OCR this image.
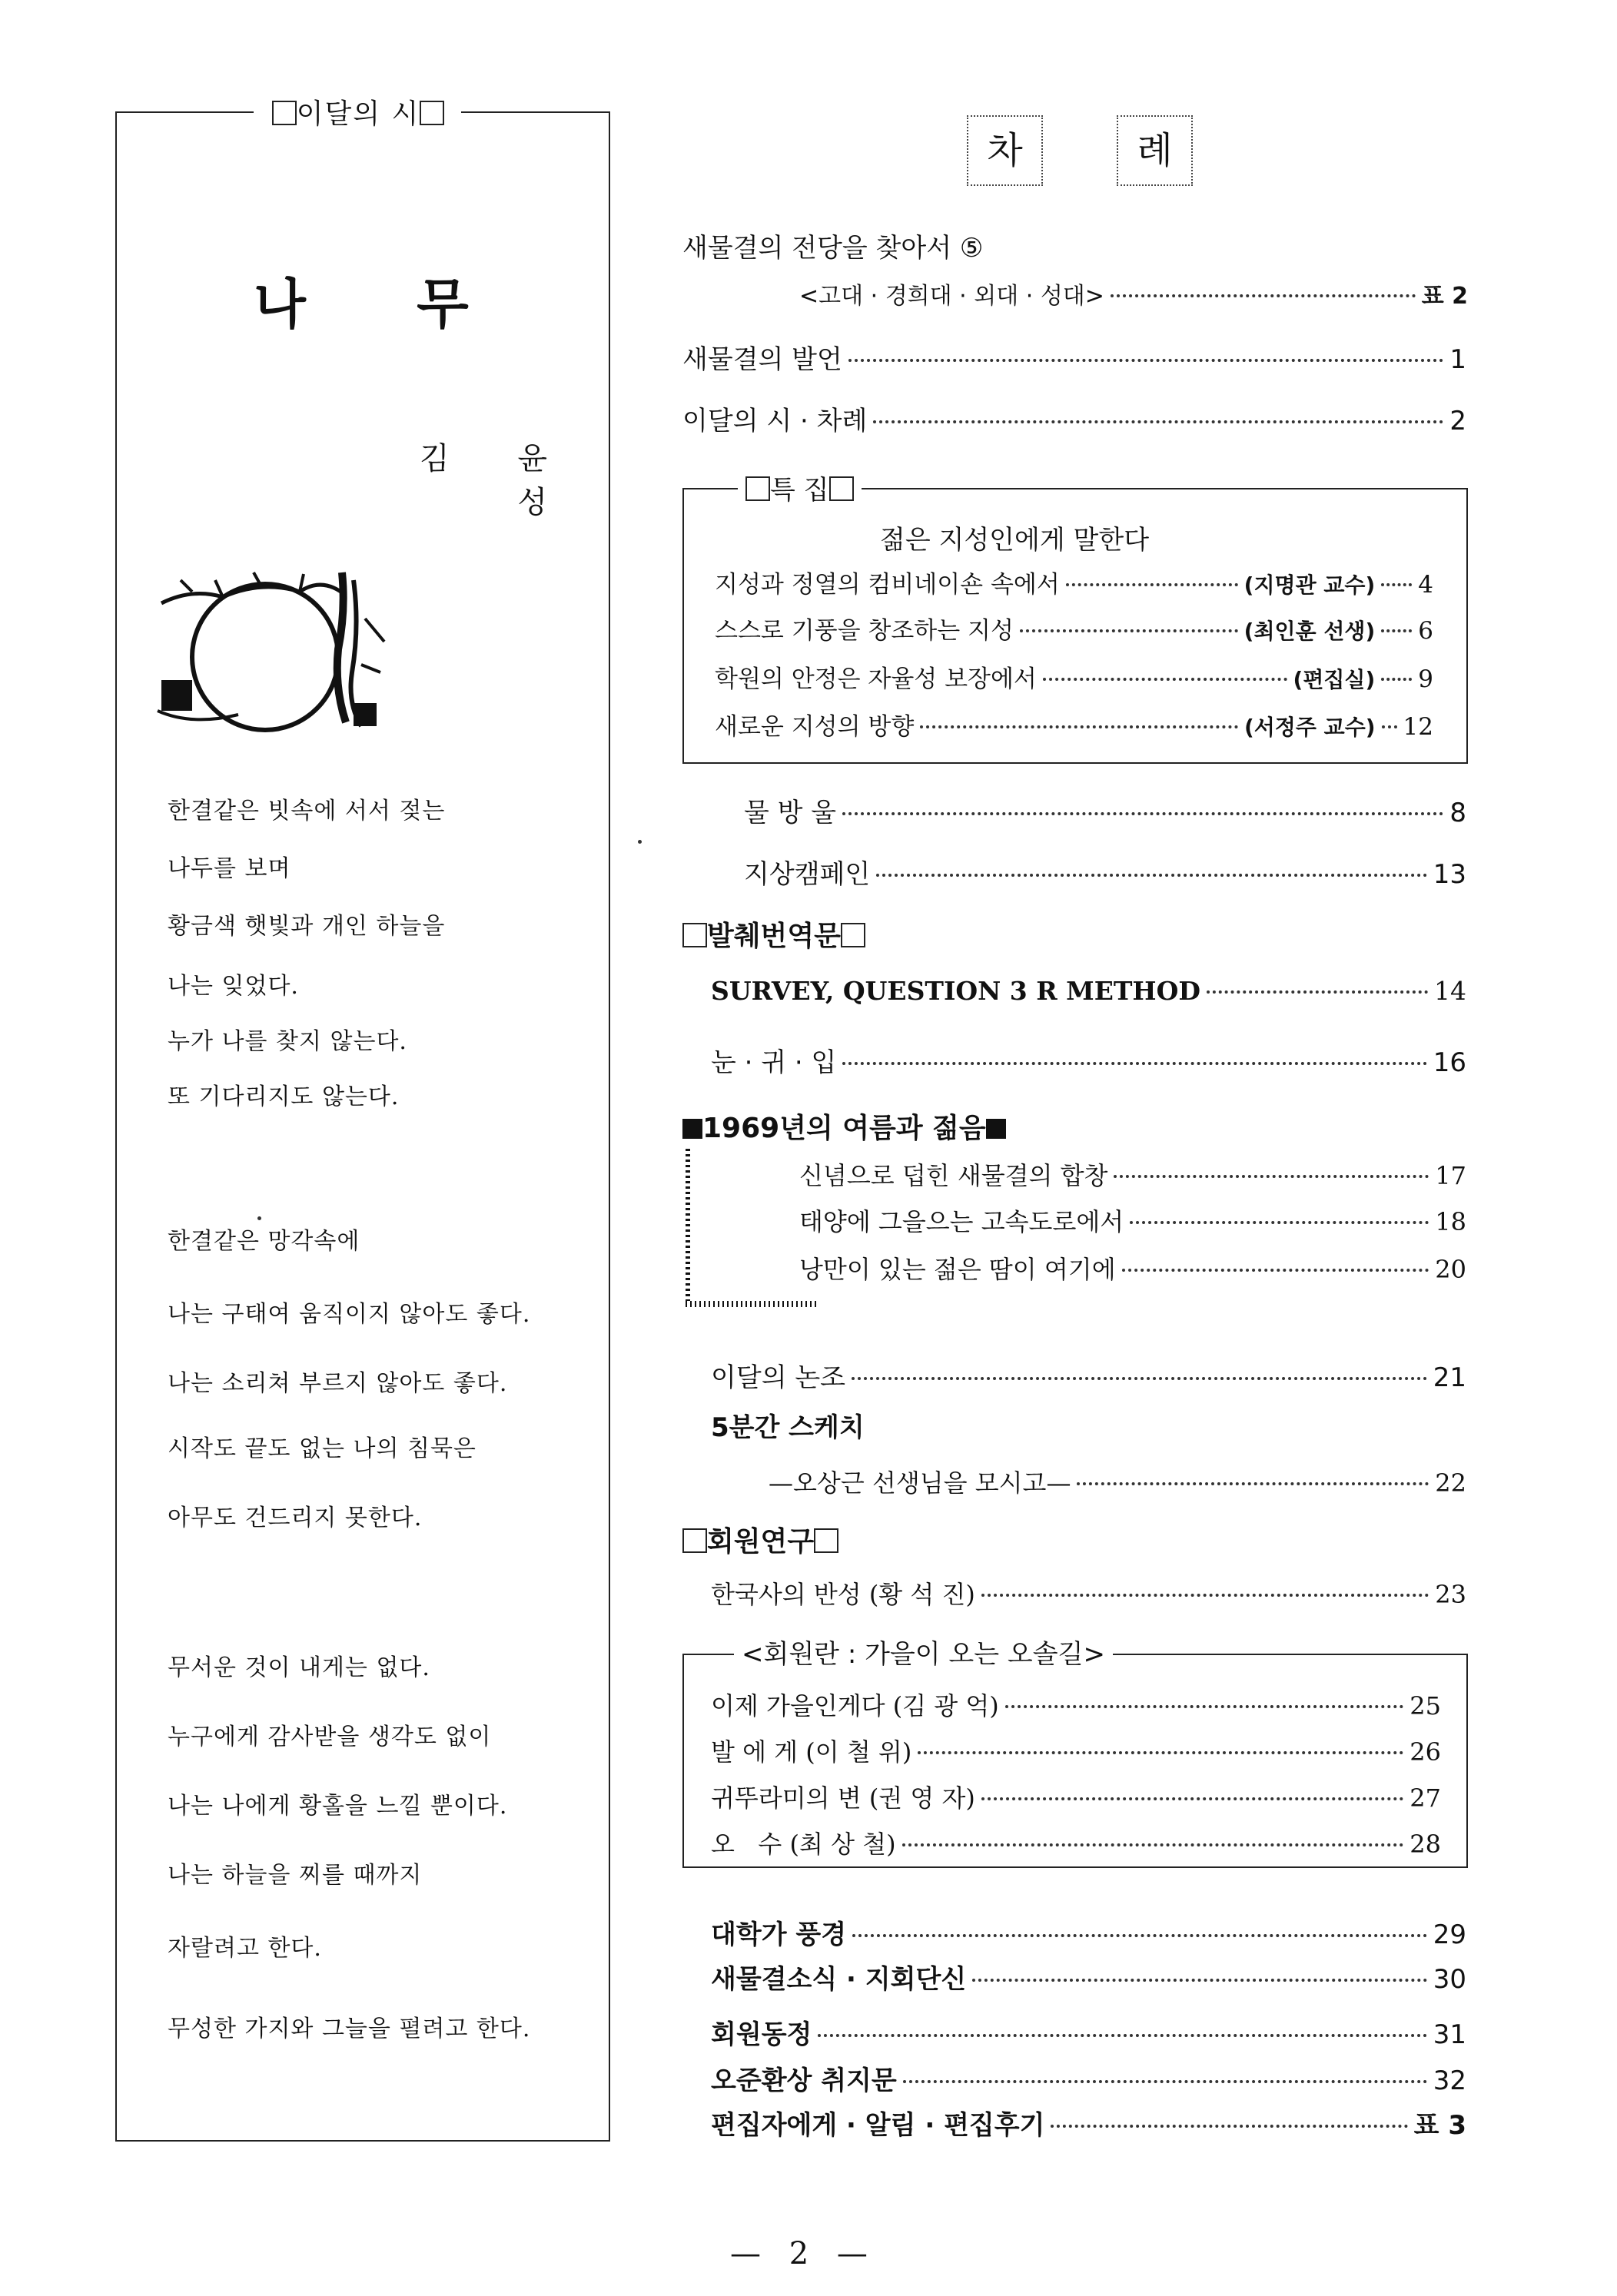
이달의 시
나 무
김 윤 성
한결같은 빗속에 서서 젖는
나두를 보며
황금색 햇빛과 개인 하늘을
나는 잊었다.
누가 나를 찾지 않는다.
또 기다리지도 않는다.
한결같은 망각속에
나는 구태여 움직이지 않아도 좋다.
나는 소리쳐 부르지 않아도 좋다.
시작도 끝도 없는 나의 침묵은
아무도 건드리지 못한다.
무서운 것이 내게는 없다.
누구에게 감사받을 생각도 없이
나는 나에게 황홀을 느낄 뿐이다.
나는 하늘을 찌를 때까지
자랄려고 한다.
무성한 가지와 그늘을 펼려고 한다.
차	례
새물결의 전당을 찾아서 ⑤
<고대 · 경희대 · 외대 · 성대>	표 2
새물결의 발언	1
이달의 시 · 차례	2
특 집
젊은 지성인에게 말한다
지성과 정열의 컴비네이숀 속에서	(지명관 교수) 4
스스로 기풍을 창조하는 지성	(최인훈 선생) 6
학원의 안정은 자율성 보장에서	(편집실) 9
새로운 지성의 방향	(서정주 교수) 12
물 방 울	8
지상캠페인	13
발췌번역문
SURVEY, QUESTION 3 R METHOD	14
눈 · 귀 · 입	16
1969년의 여름과 젊음
신념으로 덥힌 새물결의 합창	17
태양에 그을으는 고속도로에서	18
낭만이 있는 젊은 땀이 여기에	20
이달의 논조	21
5분간 스케치
—오상근 선생님을 모시고—	22
회원연구
한국사의 반성 (황 석 진)	23
<회원란 : 가을이 오는 오솔길>
이제 가을인게다 (김 광 억)	25
발 에 게 (이 철 위)	26
귀뚜라미의 변 (권 영 자)	27
오   수 (최 상 철)	28
대학가 풍경	29
새물결소식 · 지회단신	30
회원동정	31
오준환상 취지문	32
편집자에게 · 알림 · 편집후기	표 3
— 2 —
